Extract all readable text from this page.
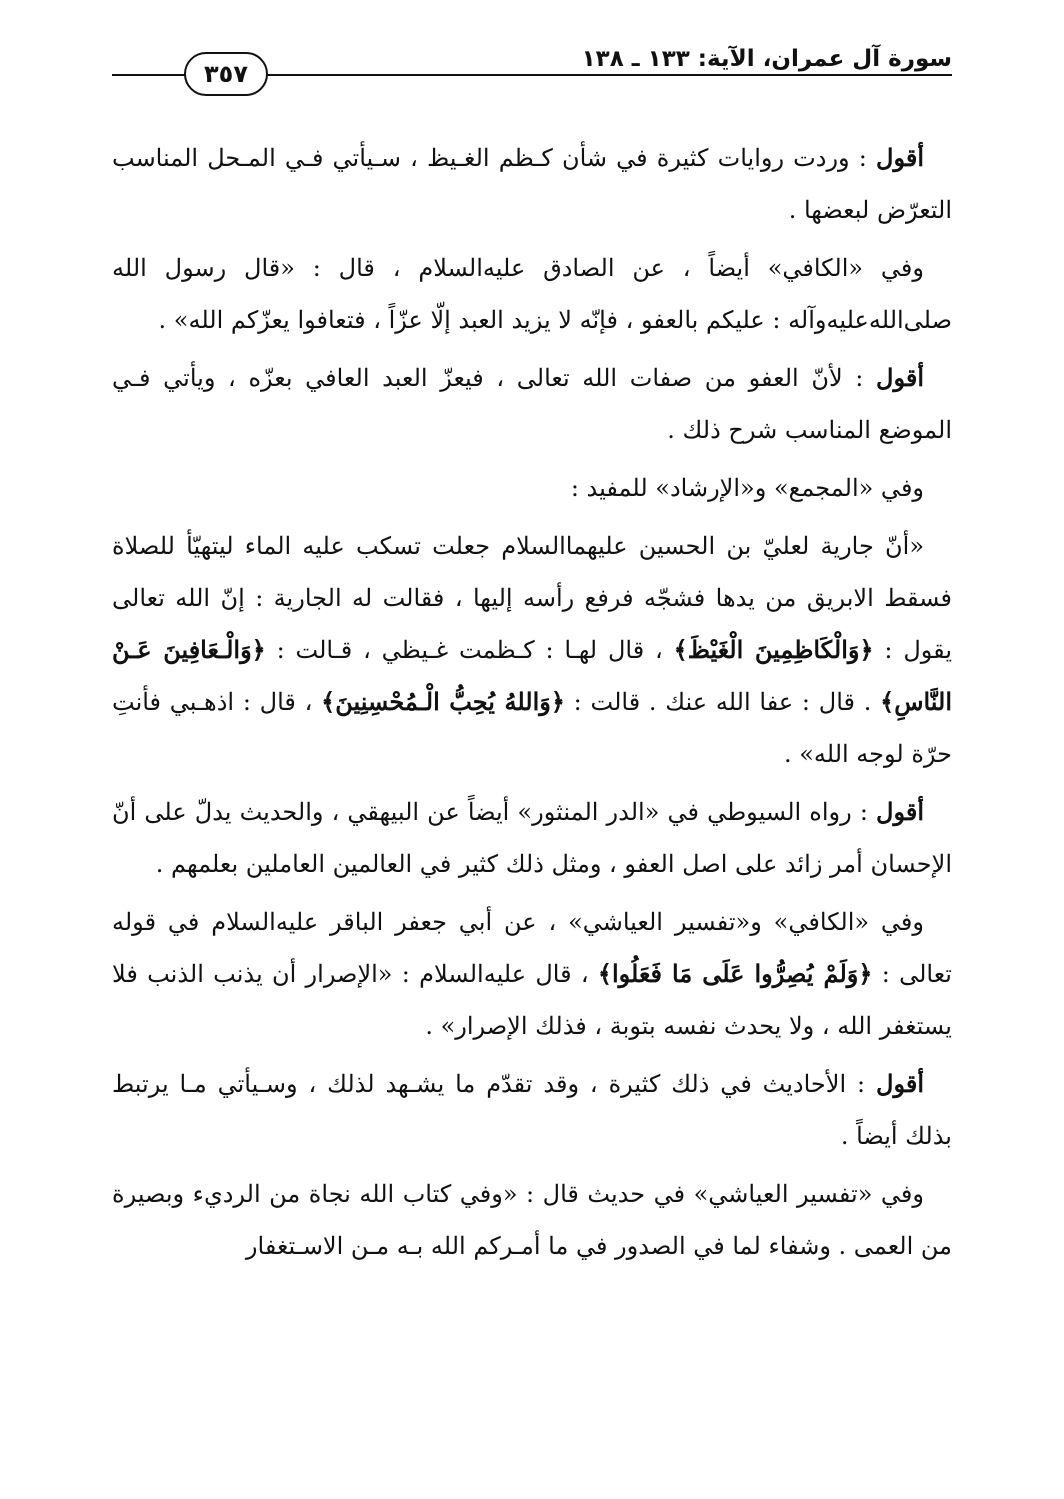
سورة آل عمران، الآية: ١٣٣ ـ ١٣٨
٣٥٧

أقول : وردت روايات كثيرة في شأن كـظم الغـيظ ، سـيأتي فـي المـحل المناسب التعرّض لبعضها .

وفي «الكافي» أيضاً ، عن الصادق عليه‌السلام ، قال : «قال رسول الله صلى‌الله‌عليه‌وآله : عليكم بالعفو ، فإنّه لا يزيد العبد إلّا عزّاً ، فتعافوا يعزّكم الله» .

أقول : لأنّ العفو من صفات الله تعالى ، فيعزّ العبد العافي بعزّه ، ويأتي فـي الموضع المناسب شرح ذلك .

وفي «المجمع» و«الإرشاد» للمفيد :

«أنّ جارية لعليّ بن الحسين عليهما‌السلام جعلت تسكب عليه الماء ليتهيّأ للصلاة فسقط الابريق من يدها فشجّه فرفع رأسه إليها ، فقالت له الجارية : إنّ الله تعالى يقول : ﴿وَالْكَاظِمِينَ الْغَيْظَ﴾ ، قال لهـا : كـظمت غـيظي ، قـالت : ﴿وَالْـعَافِينَ عَـنْ النَّاسِ﴾ . قال : عفا الله عنك . قالت : ﴿وَاللهُ يُحِبُّ الْـمُحْسِنِينَ﴾ ، قال : اذهـبي فأنتِ حرّة لوجه الله» .

أقول : رواه السيوطي في «الدر المنثور» أيضاً عن البيهقي ، والحديث يدلّ على أنّ الإحسان أمر زائد على اصل العفو ، ومثل ذلك كثير في العالمين العاملين بعلمهم .

وفي «الكافي» و«تفسير العياشي» ، عن أبي جعفر الباقر عليه‌السلام في قوله تعالى : ﴿وَلَمْ يُصِرُّوا عَلَى مَا فَعَلُوا﴾ ، قال عليه‌السلام : «الإصرار أن يذنب الذنب فلا يستغفر الله ، ولا يحدث نفسه بتوبة ، فذلك الإصرار» .

أقول : الأحاديث في ذلك كثيرة ، وقد تقدّم ما يشـهد لذلك ، وسـيأتي مـا يرتبط بذلك أيضاً .

وفي «تفسير العياشي» في حديث قال : «وفي كتاب الله نجاة من الرديء وبصيرة من العمى . وشفاء لما في الصدور في ما أمـركم الله بـه مـن الاسـتغفار
